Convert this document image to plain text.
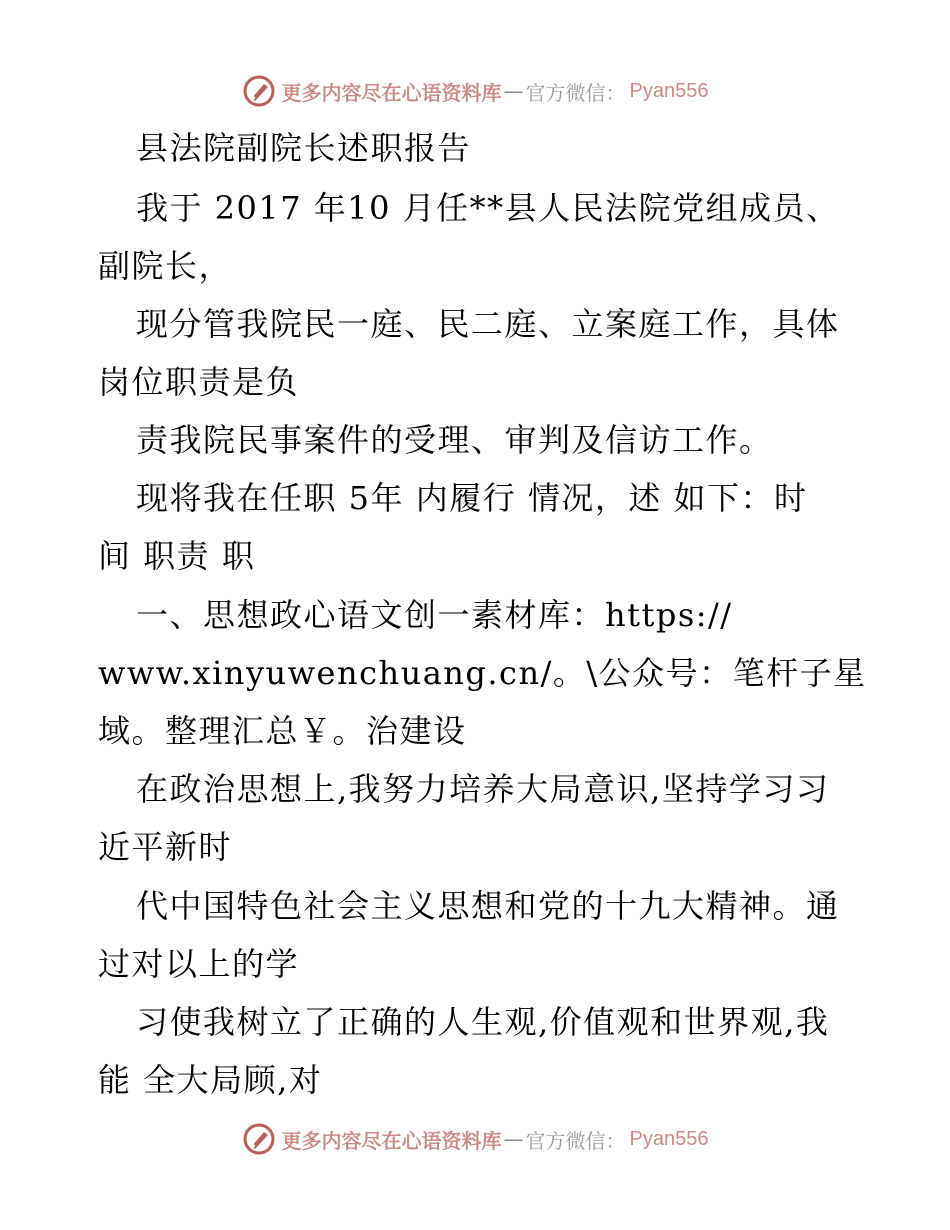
更多内容尽在心语资料库 — 官方微信： Pyan556
县法院副院长述职报告
我于 2017 年10 月任**县人民法院党组成员、
副院长，
现分管我院民一庭、民二庭、立案庭工作，具体
岗位职责是负
责我院民事案件的受理、审判及信访工作。
现将我在任职 5年 内履行 情况，述 如下：时
间 职责 职
一、思想政心语文创一素材库：https://
www.xinyuwenchuang.cn/。\公众号：笔杆子星
域。整理汇总￥。治建设
在政治思想上,我努力培养大局意识,坚持学习习
近平新时
代中国特色社会主义思想和党的十九大精神。通
过对以上的学
习使我树立了正确的人生观,价值观和世界观,我
能 全大局顾,对
更多内容尽在心语资料库 — 官方微信： Pyan556
